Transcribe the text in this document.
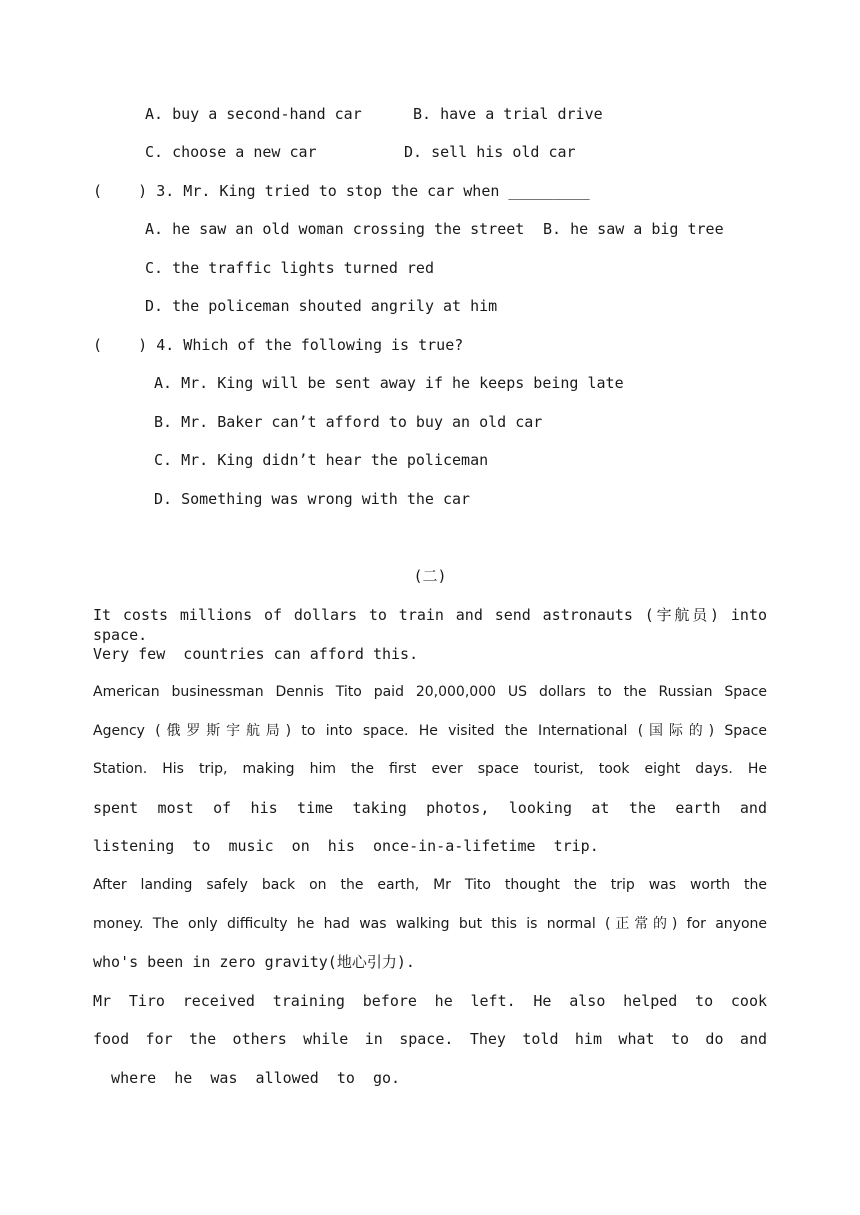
A. buy a second-hand car	B. have a trial drive
C. choose a new car	D. sell his old car
(    ) 3. Mr. King tried to stop the car when _________
A. he saw an old woman crossing the street B. he saw a big tree
C. the traffic lights turned red
D. the policeman shouted angrily at him
(    ) 4. Which of the following is true?
A. Mr. King will be sent away if he keeps being late
B. Mr. Baker can’t afford to buy an old car
C. Mr. King didn’t hear the policeman
D. Something was wrong with the car
(二)
It costs millions of dollars to train and send astronauts (宇航员) into space.
Very few  countries can afford this.
American businessman Dennis Tito paid 20,000,000 US dollars to the Russian Space
Agency (俄罗斯宇航局) to into space. He visited the International (国际的) Space
Station. His trip, making him the first ever space tourist, took eight days. He
spent most of his time taking photos, looking at the earth and
listening  to  music  on  his  once-in-a-lifetime  trip.
After landing safely back on the earth, Mr Tito thought the trip was worth the
money. The only difficulty he had was walking but this is normal (正常的) for anyone
who's been in zero gravity(地心引力).
Mr Tiro received training before he left. He also helped to cook
food for the others while in space. They told him what to do and
where  he  was  allowed  to  go.
